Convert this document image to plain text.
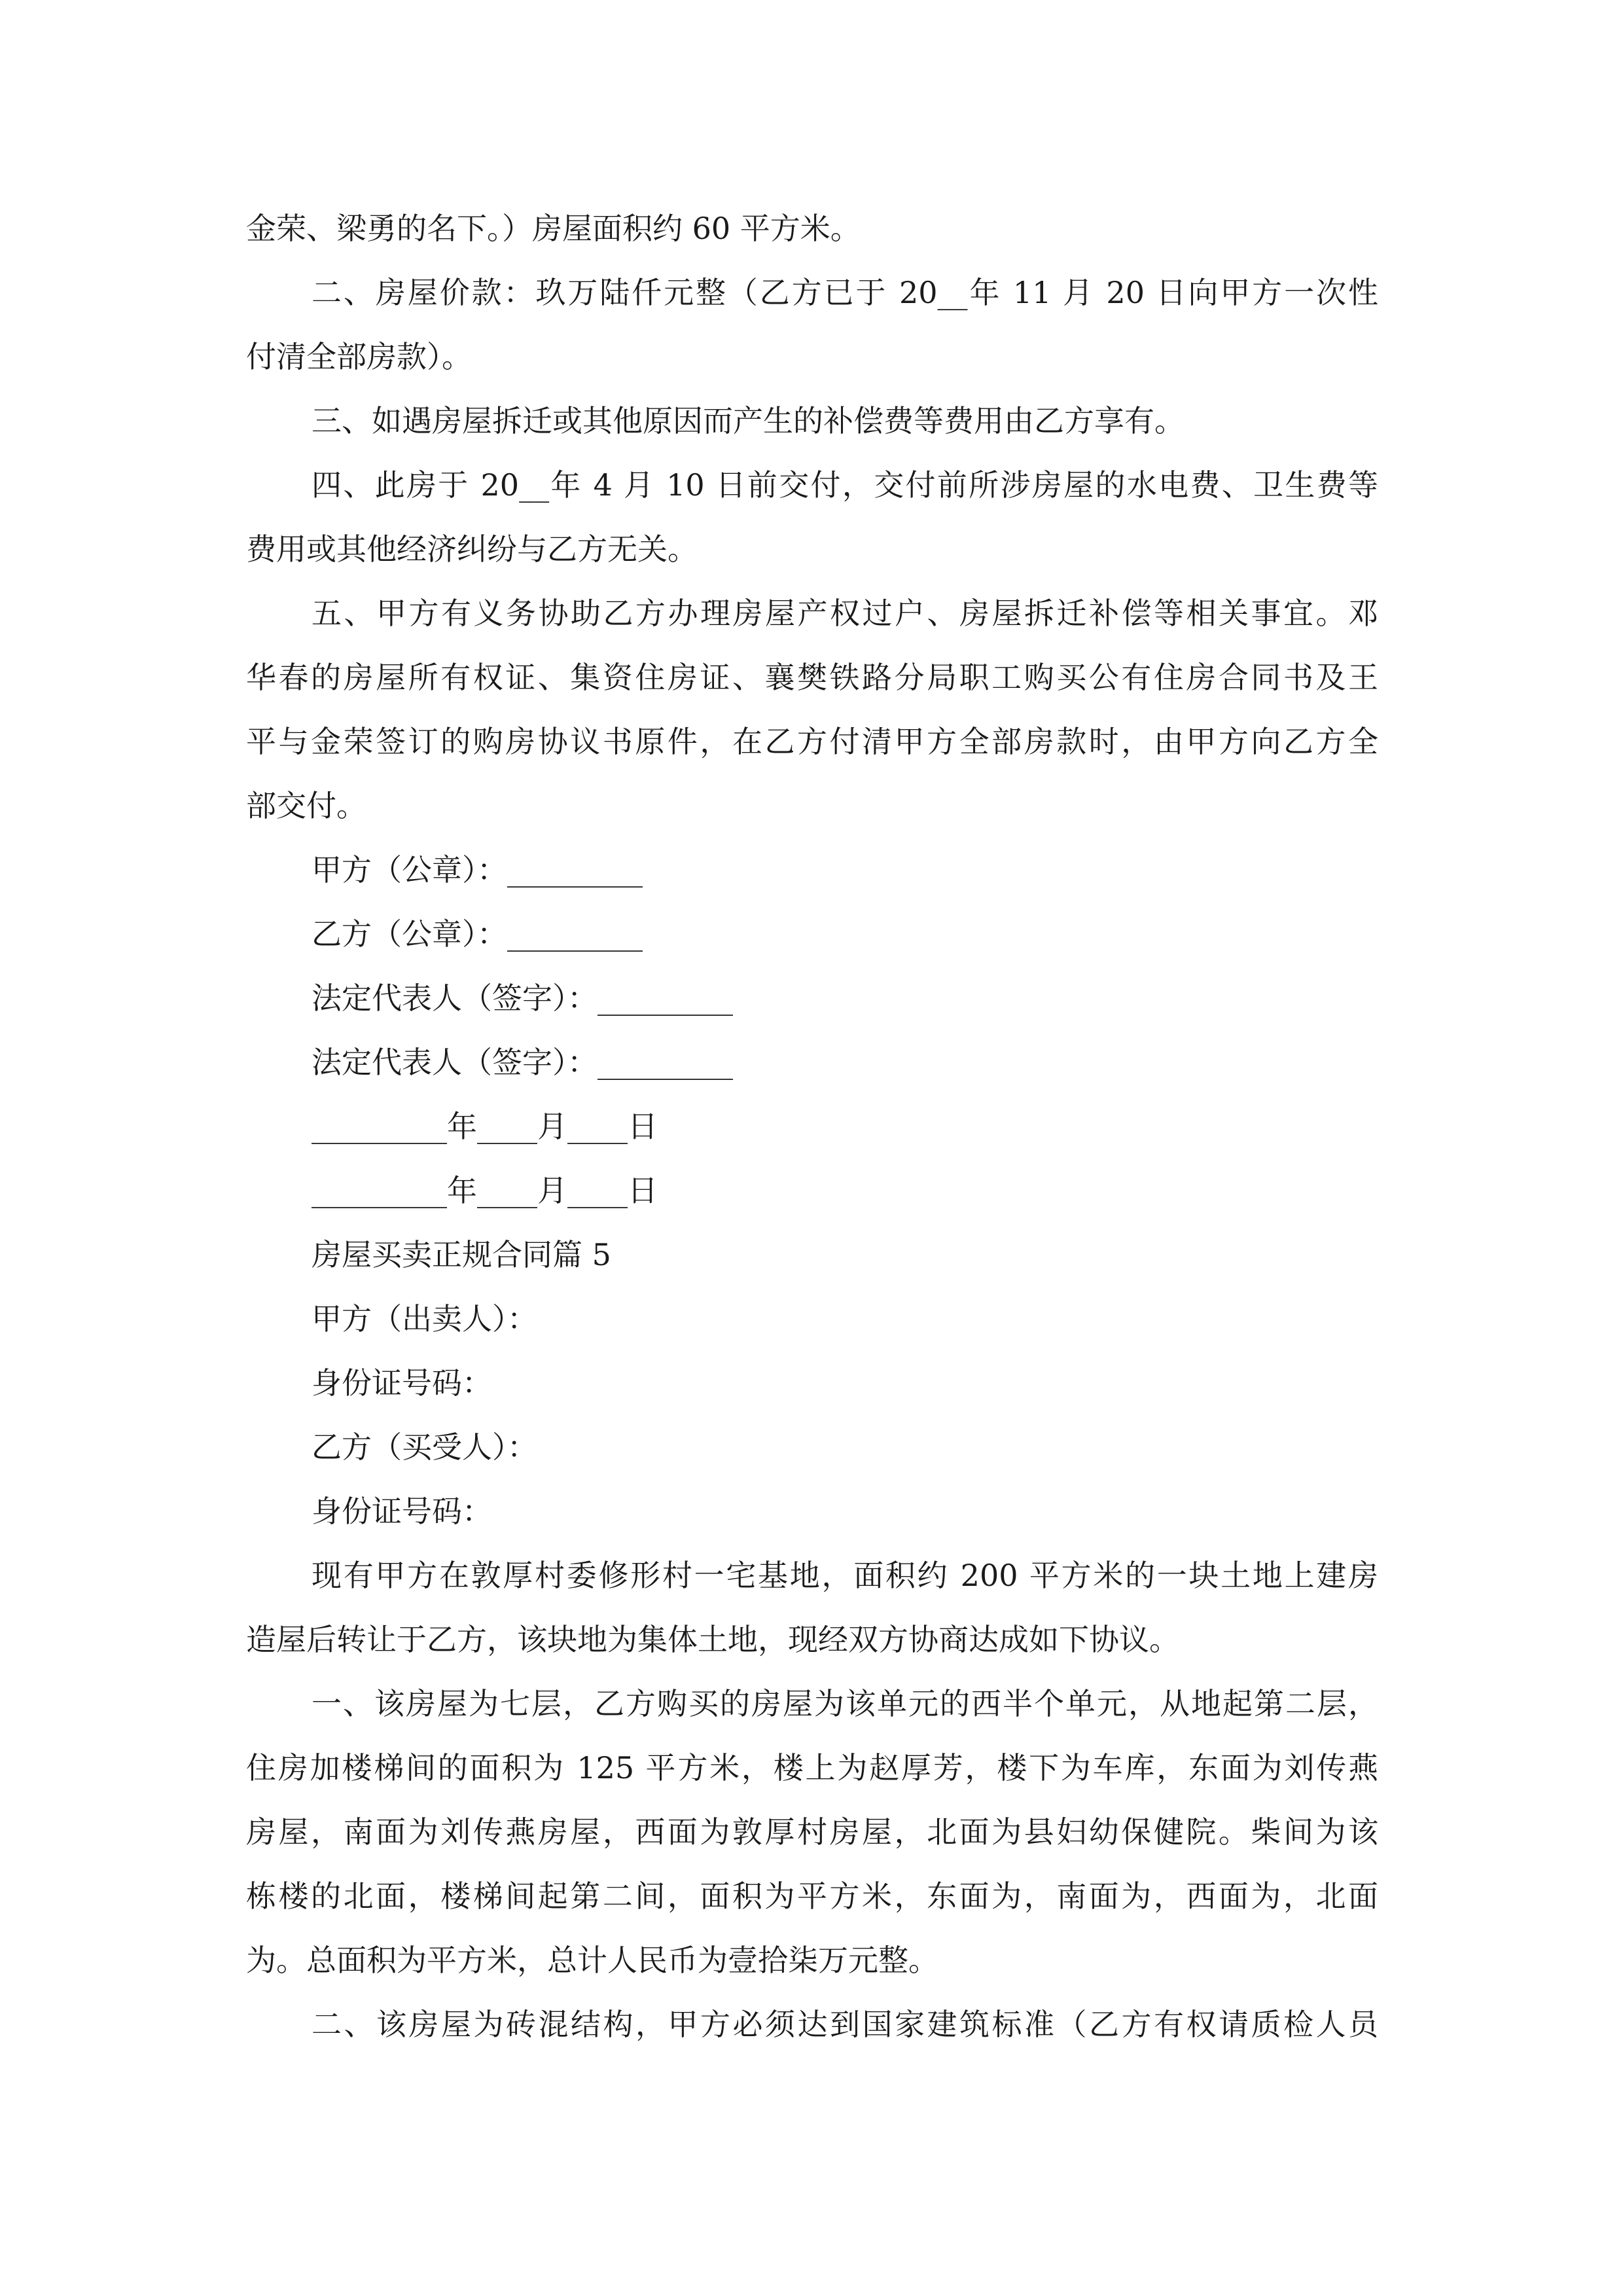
金荣、梁勇的名下。）房屋面积约 60 平方米。
二、房屋价款：玖万陆仟元整（乙方已于 20__年 11 月 20 日向甲方一次性
付清全部房款）。
三、如遇房屋拆迁或其他原因而产生的补偿费等费用由乙方享有。
四、此房于 20__年 4 月 10 日前交付，交付前所涉房屋的水电费、卫生费等
费用或其他经济纠纷与乙方无关。
五、甲方有义务协助乙方办理房屋产权过户、房屋拆迁补偿等相关事宜。邓
华春的房屋所有权证、集资住房证、襄樊铁路分局职工购买公有住房合同书及王
平与金荣签订的购房协议书原件，在乙方付清甲方全部房款时，由甲方向乙方全
部交付。
甲方（公章）：_________
乙方（公章）：_________
法定代表人（签字）：_________
法定代表人（签字）：_________
_________年____月____日
_________年____月____日
房屋买卖正规合同篇 5
甲方（出卖人）：
身份证号码：
乙方（买受人）：
身份证号码：
现有甲方在敦厚村委修形村一宅基地，面积约 200 平方米的一块土地上建房
造屋后转让于乙方，该块地为集体土地，现经双方协商达成如下协议。
一、该房屋为七层，乙方购买的房屋为该单元的西半个单元，从地起第二层，
住房加楼梯间的面积为 125 平方米，楼上为赵厚芳，楼下为车库，东面为刘传燕
房屋，南面为刘传燕房屋，西面为敦厚村房屋，北面为县妇幼保健院。柴间为该
栋楼的北面，楼梯间起第二间，面积为平方米，东面为，南面为，西面为，北面
为。总面积为平方米，总计人民币为壹拾柒万元整。
二、该房屋为砖混结构，甲方必须达到国家建筑标准（乙方有权请质检人员
